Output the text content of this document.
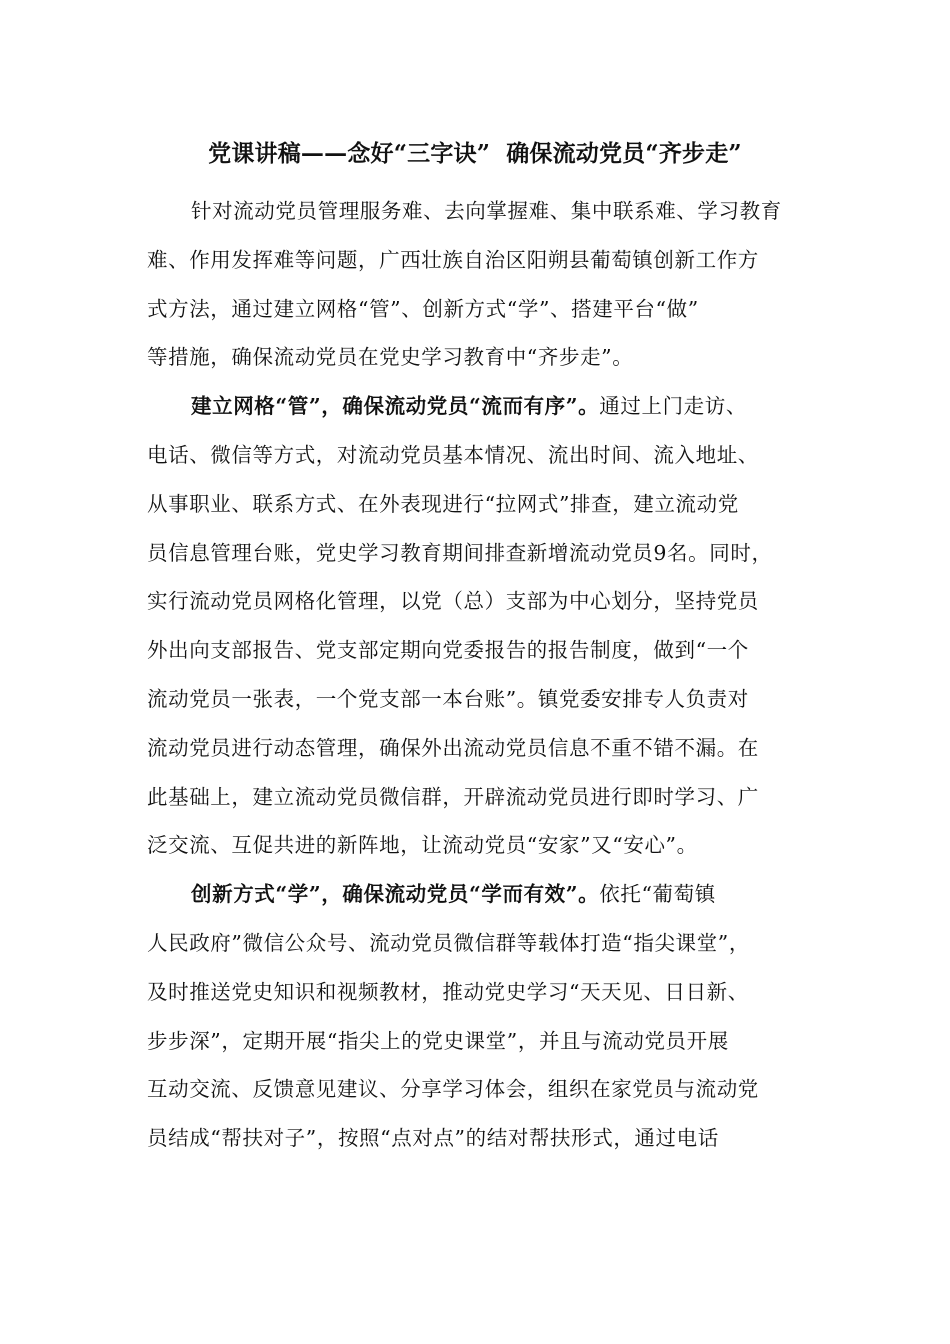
党课讲稿——念好“三字诀” 确保流动党员“齐步走”
针对流动党员管理服务难、去向掌握难、集中联系难、学习教育
难、作用发挥难等问题，广西壮族自治区阳朔县葡萄镇创新工作方
式方法，通过建立网格“管”、创新方式“学”、搭建平台“做”
等措施，确保流动党员在党史学习教育中“齐步走”。
建立网格“管”，确保流动党员“流而有序”。通过上门走访、
电话、微信等方式，对流动党员基本情况、流出时间、流入地址、
从事职业、联系方式、在外表现进行“拉网式”排查，建立流动党
员信息管理台账，党史学习教育期间排查新增流动党员9名。同时，
实行流动党员网格化管理，以党（总）支部为中心划分，坚持党员
外出向支部报告、党支部定期向党委报告的报告制度，做到“一个
流动党员一张表，一个党支部一本台账”。镇党委安排专人负责对
流动党员进行动态管理，确保外出流动党员信息不重不错不漏。在
此基础上，建立流动党员微信群，开辟流动党员进行即时学习、广
泛交流、互促共进的新阵地，让流动党员“安家”又“安心”。
创新方式“学”，确保流动党员“学而有效”。依托“葡萄镇
人民政府”微信公众号、流动党员微信群等载体打造“指尖课堂”，
及时推送党史知识和视频教材，推动党史学习“天天见、日日新、
步步深”，定期开展“指尖上的党史课堂”，并且与流动党员开展
互动交流、反馈意见建议、分享学习体会，组织在家党员与流动党
员结成“帮扶对子”，按照“点对点”的结对帮扶形式，通过电话
